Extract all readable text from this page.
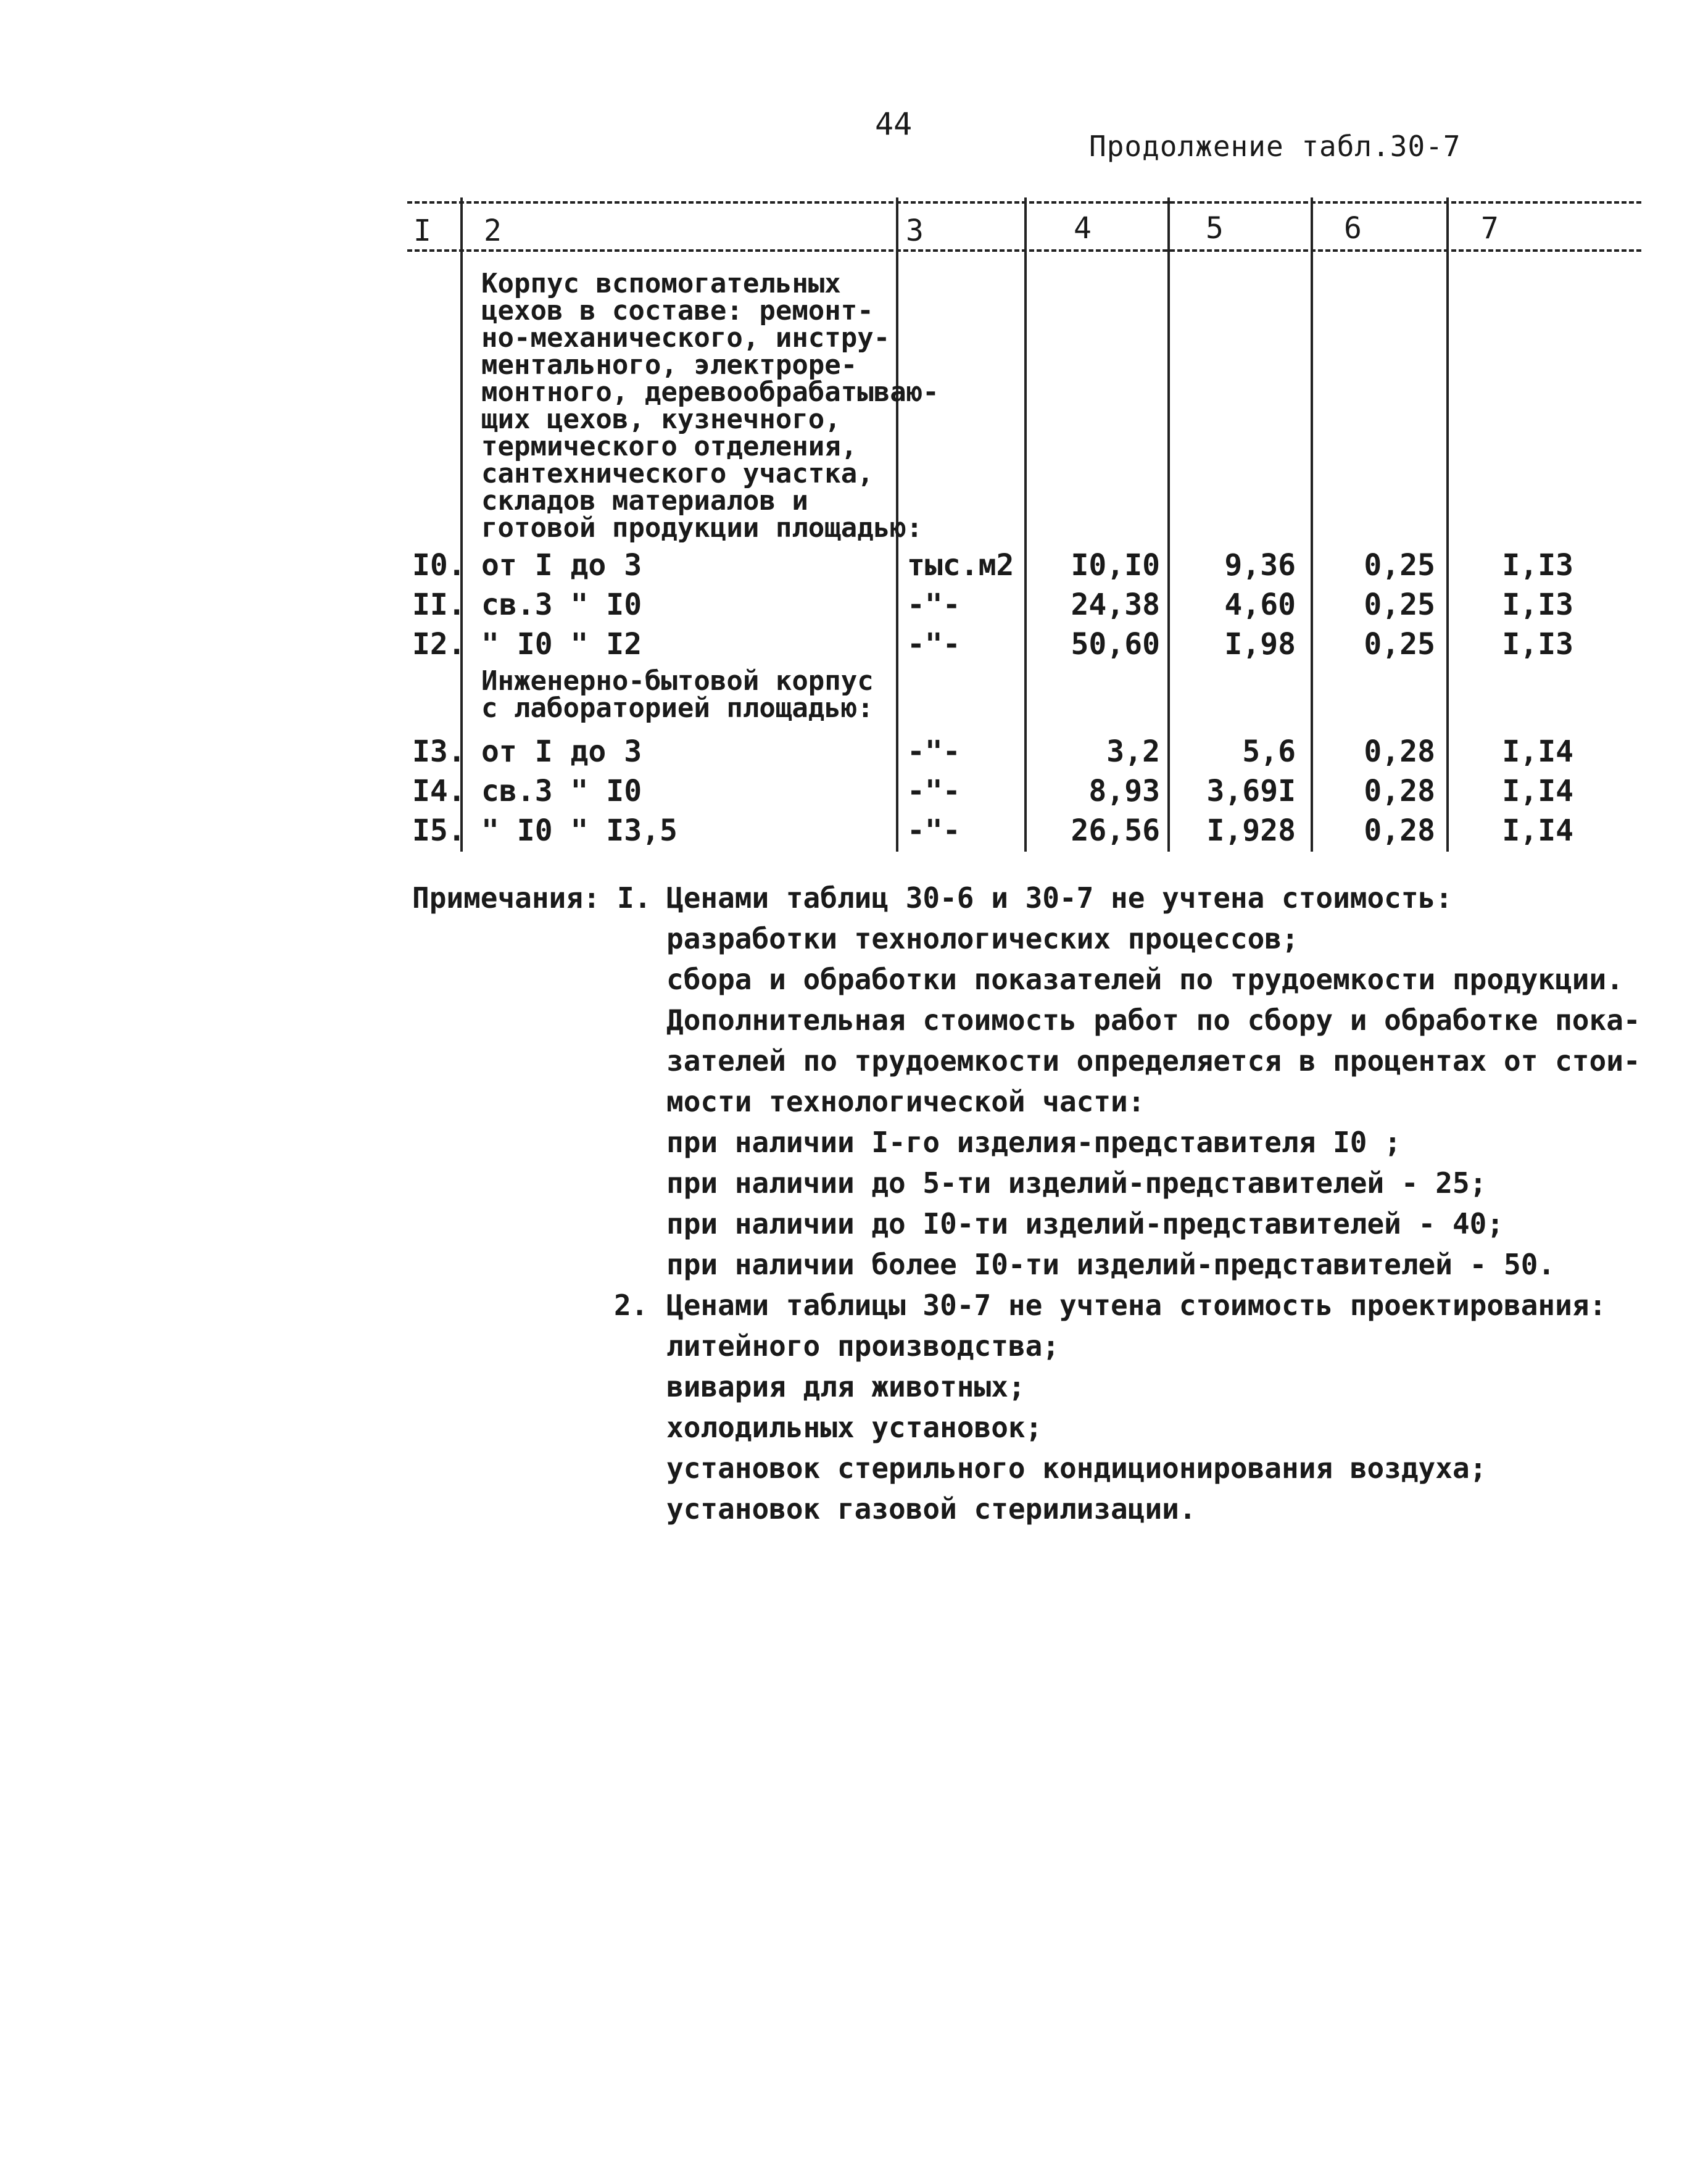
44
Продолжение табл.30-7
I 2	3	4	5	6	7
Корпус вспомогательных
цехов в составе: ремонт-
но-механического, инстру-
ментального, электроре-
монтного, деревообрабатываю-
щих цехов, кузнечного,
термического отделения,
сантехнического участка,
складов материалов и
готовой продукции площадью:
I0. от I до 3	тыс.м2	I0,I0	9,36	0,25	I,I3
II. св.3 " I0	-"-	24,38	4,60	0,25	I,I3
I2. " I0 " I2	-"-	50,60	I,98	0,25	I,I3
Инженерно-бытовой корпус
с лабораторией площадью:
I3. от I до 3	-"-	3,2	5,6	0,28	I,I4
I4. св.3 " I0	-"-	8,93	3,69I	0,28	I,I4
I5. " I0 " I3,5	-"-	26,56	I,928	0,28	I,I4
Примечания: I. Ценами таблиц 30-6 и 30-7 не учтена стоимость:
разработки технологических процессов;
сбора и обработки показателей по трудоемкости продукции.
Дополнительная стоимость работ по сбору и обработке пока-
зателей по трудоемкости определяется в процентах от стои-
мости технологической части:
при наличии I-го изделия-представителя I0 ;
при наличии до 5-ти изделий-представителей - 25;
при наличии до I0-ти изделий-представителей - 40;
при наличии более I0-ти изделий-представителей - 50.
2. Ценами таблицы 30-7 не учтена стоимость проектирования:
литейного производства;
вивария для животных;
холодильных установок;
установок стерильного кондиционирования воздуха;
установок газовой стерилизации.
